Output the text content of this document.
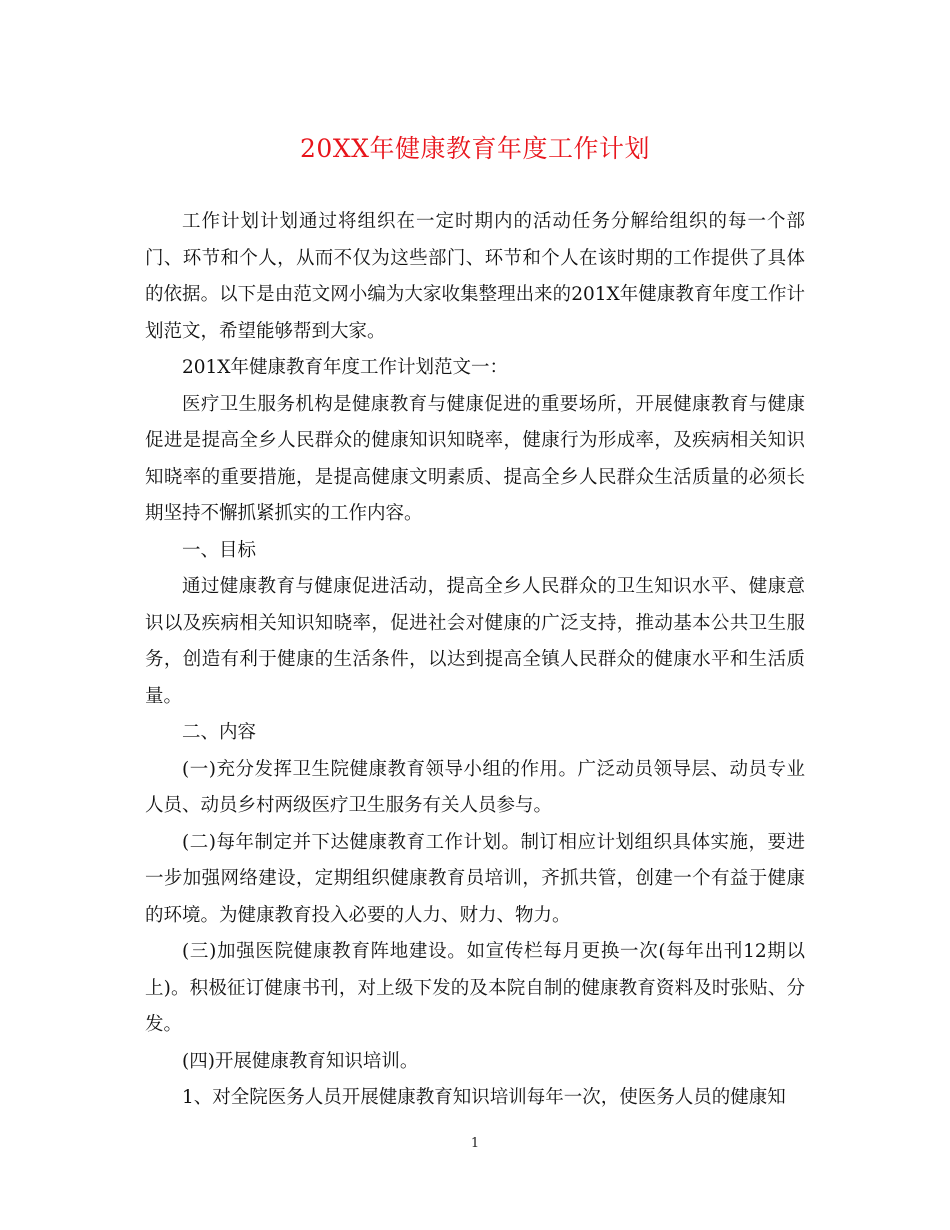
20XX年健康教育年度工作计划

工作计划计划通过将组织在一定时期内的活动任务分解给组织的每一个部门、环节和个人，从而不仅为这些部门、环节和个人在该时期的工作提供了具体的依据。以下是由范文网小编为大家收集整理出来的201X年健康教育年度工作计划范文，希望能够帮到大家。

201X年健康教育年度工作计划范文一：

医疗卫生服务机构是健康教育与健康促进的重要场所，开展健康教育与健康促进是提高全乡人民群众的健康知识知晓率，健康行为形成率，及疾病相关知识知晓率的重要措施，是提高健康文明素质、提高全乡人民群众生活质量的必须长期坚持不懈抓紧抓实的工作内容。

一、目标

通过健康教育与健康促进活动，提高全乡人民群众的卫生知识水平、健康意识以及疾病相关知识知晓率，促进社会对健康的广泛支持，推动基本公共卫生服务，创造有利于健康的生活条件，以达到提高全镇人民群众的健康水平和生活质量。

二、内容

(一)充分发挥卫生院健康教育领导小组的作用。广泛动员领导层、动员专业人员、动员乡村两级医疗卫生服务有关人员参与。

(二)每年制定并下达健康教育工作计划。制订相应计划组织具体实施，要进一步加强网络建设，定期组织健康教育员培训，齐抓共管，创建一个有益于健康的环境。为健康教育投入必要的人力、财力、物力。

(三)加强医院健康教育阵地建设。如宣传栏每月更换一次(每年出刊12期以上)。积极征订健康书刊，对上级下发的及本院自制的健康教育资料及时张贴、分发。

(四)开展健康教育知识培训。

1、对全院医务人员开展健康教育知识培训每年一次，使医务人员的健康知

1
